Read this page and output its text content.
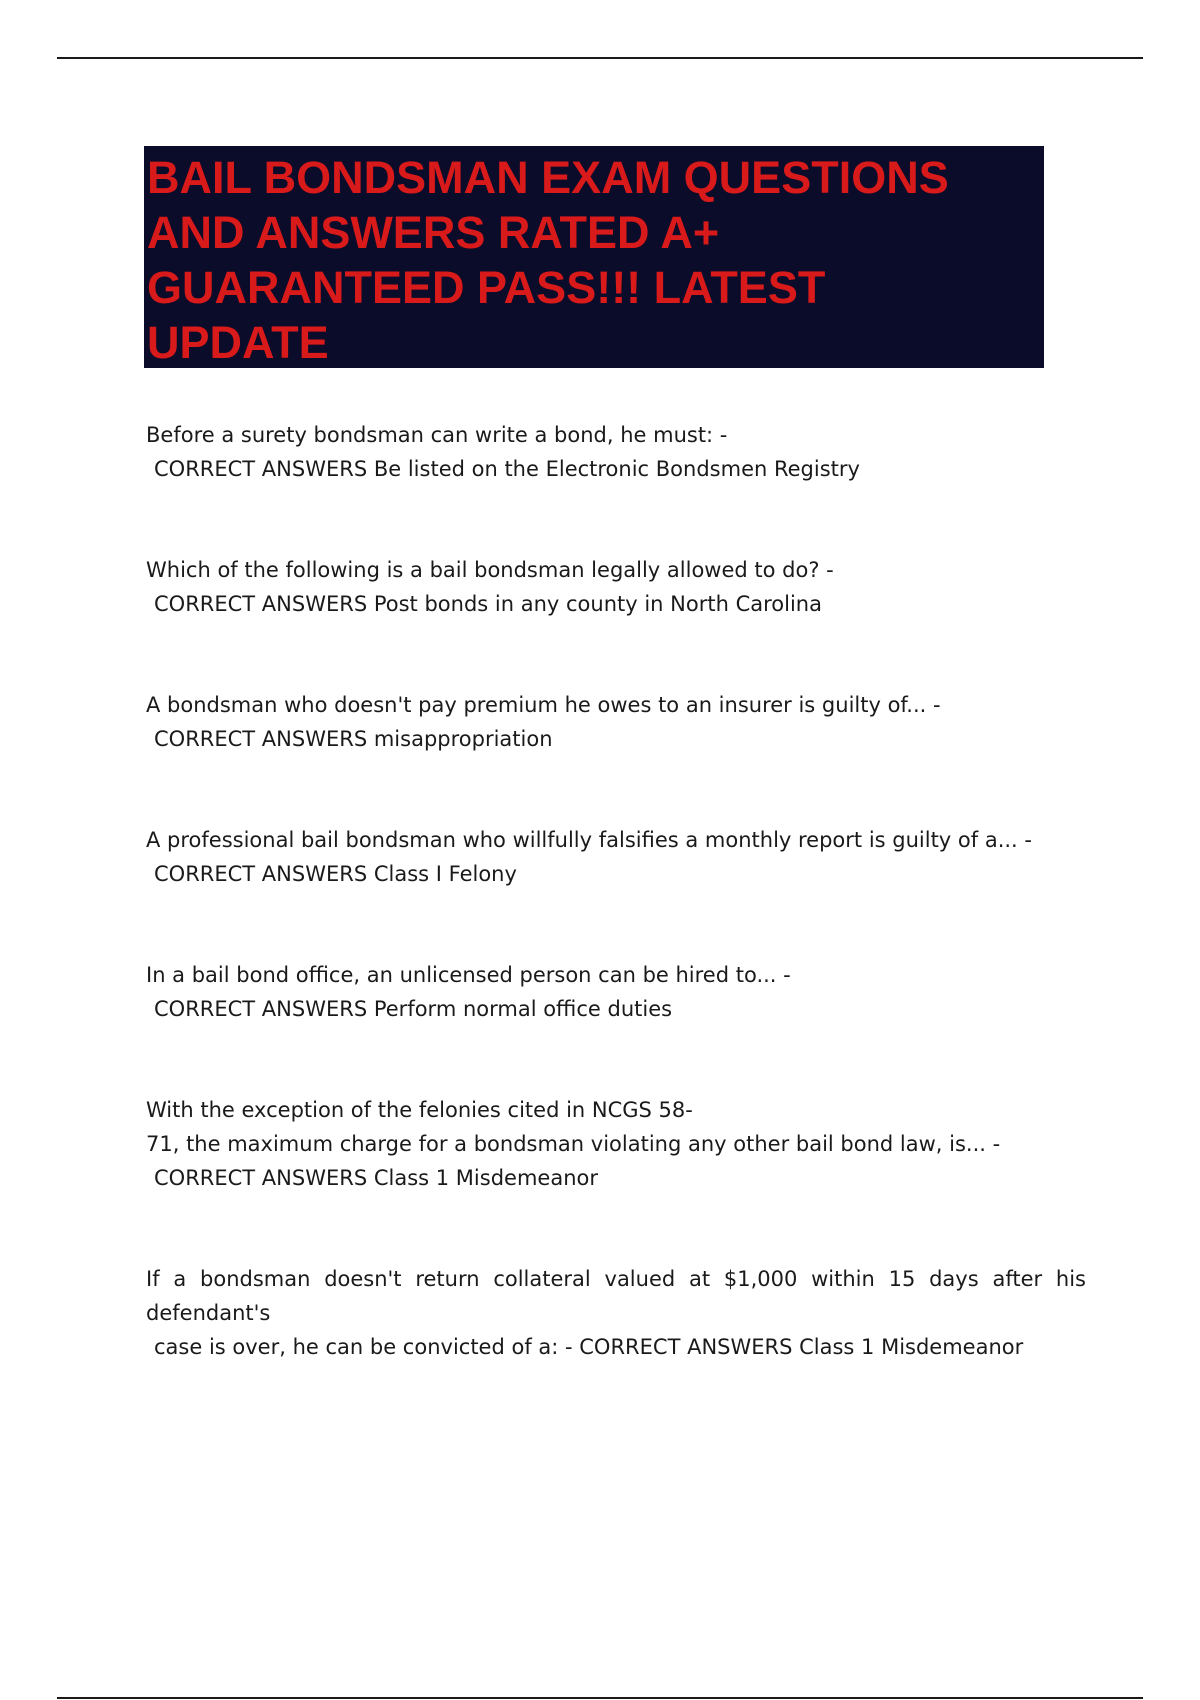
BAIL BONDSMAN EXAM QUESTIONS
AND ANSWERS RATED A+
GUARANTEED PASS!!! LATEST
UPDATE

Before a surety bondsman can write a bond, he must: -
CORRECT ANSWERS Be listed on the Electronic Bondsmen Registry

Which of the following is a bail bondsman legally allowed to do? -
CORRECT ANSWERS Post bonds in any county in North Carolina

A bondsman who doesn't pay premium he owes to an insurer is guilty of... -
CORRECT ANSWERS misappropriation

A professional bail bondsman who willfully falsifies a monthly report is guilty of a... -
CORRECT ANSWERS Class I Felony

In a bail bond office, an unlicensed person can be hired to... -
CORRECT ANSWERS Perform normal office duties

With the exception of the felonies cited in NCGS 58-
71, the maximum charge for a bondsman violating any other bail bond law, is... -
CORRECT ANSWERS Class 1 Misdemeanor

If a bondsman doesn't return collateral valued at $1,000 within 15 days after his defendant's
case is over, he can be convicted of a: - CORRECT ANSWERS Class 1 Misdemeanor
